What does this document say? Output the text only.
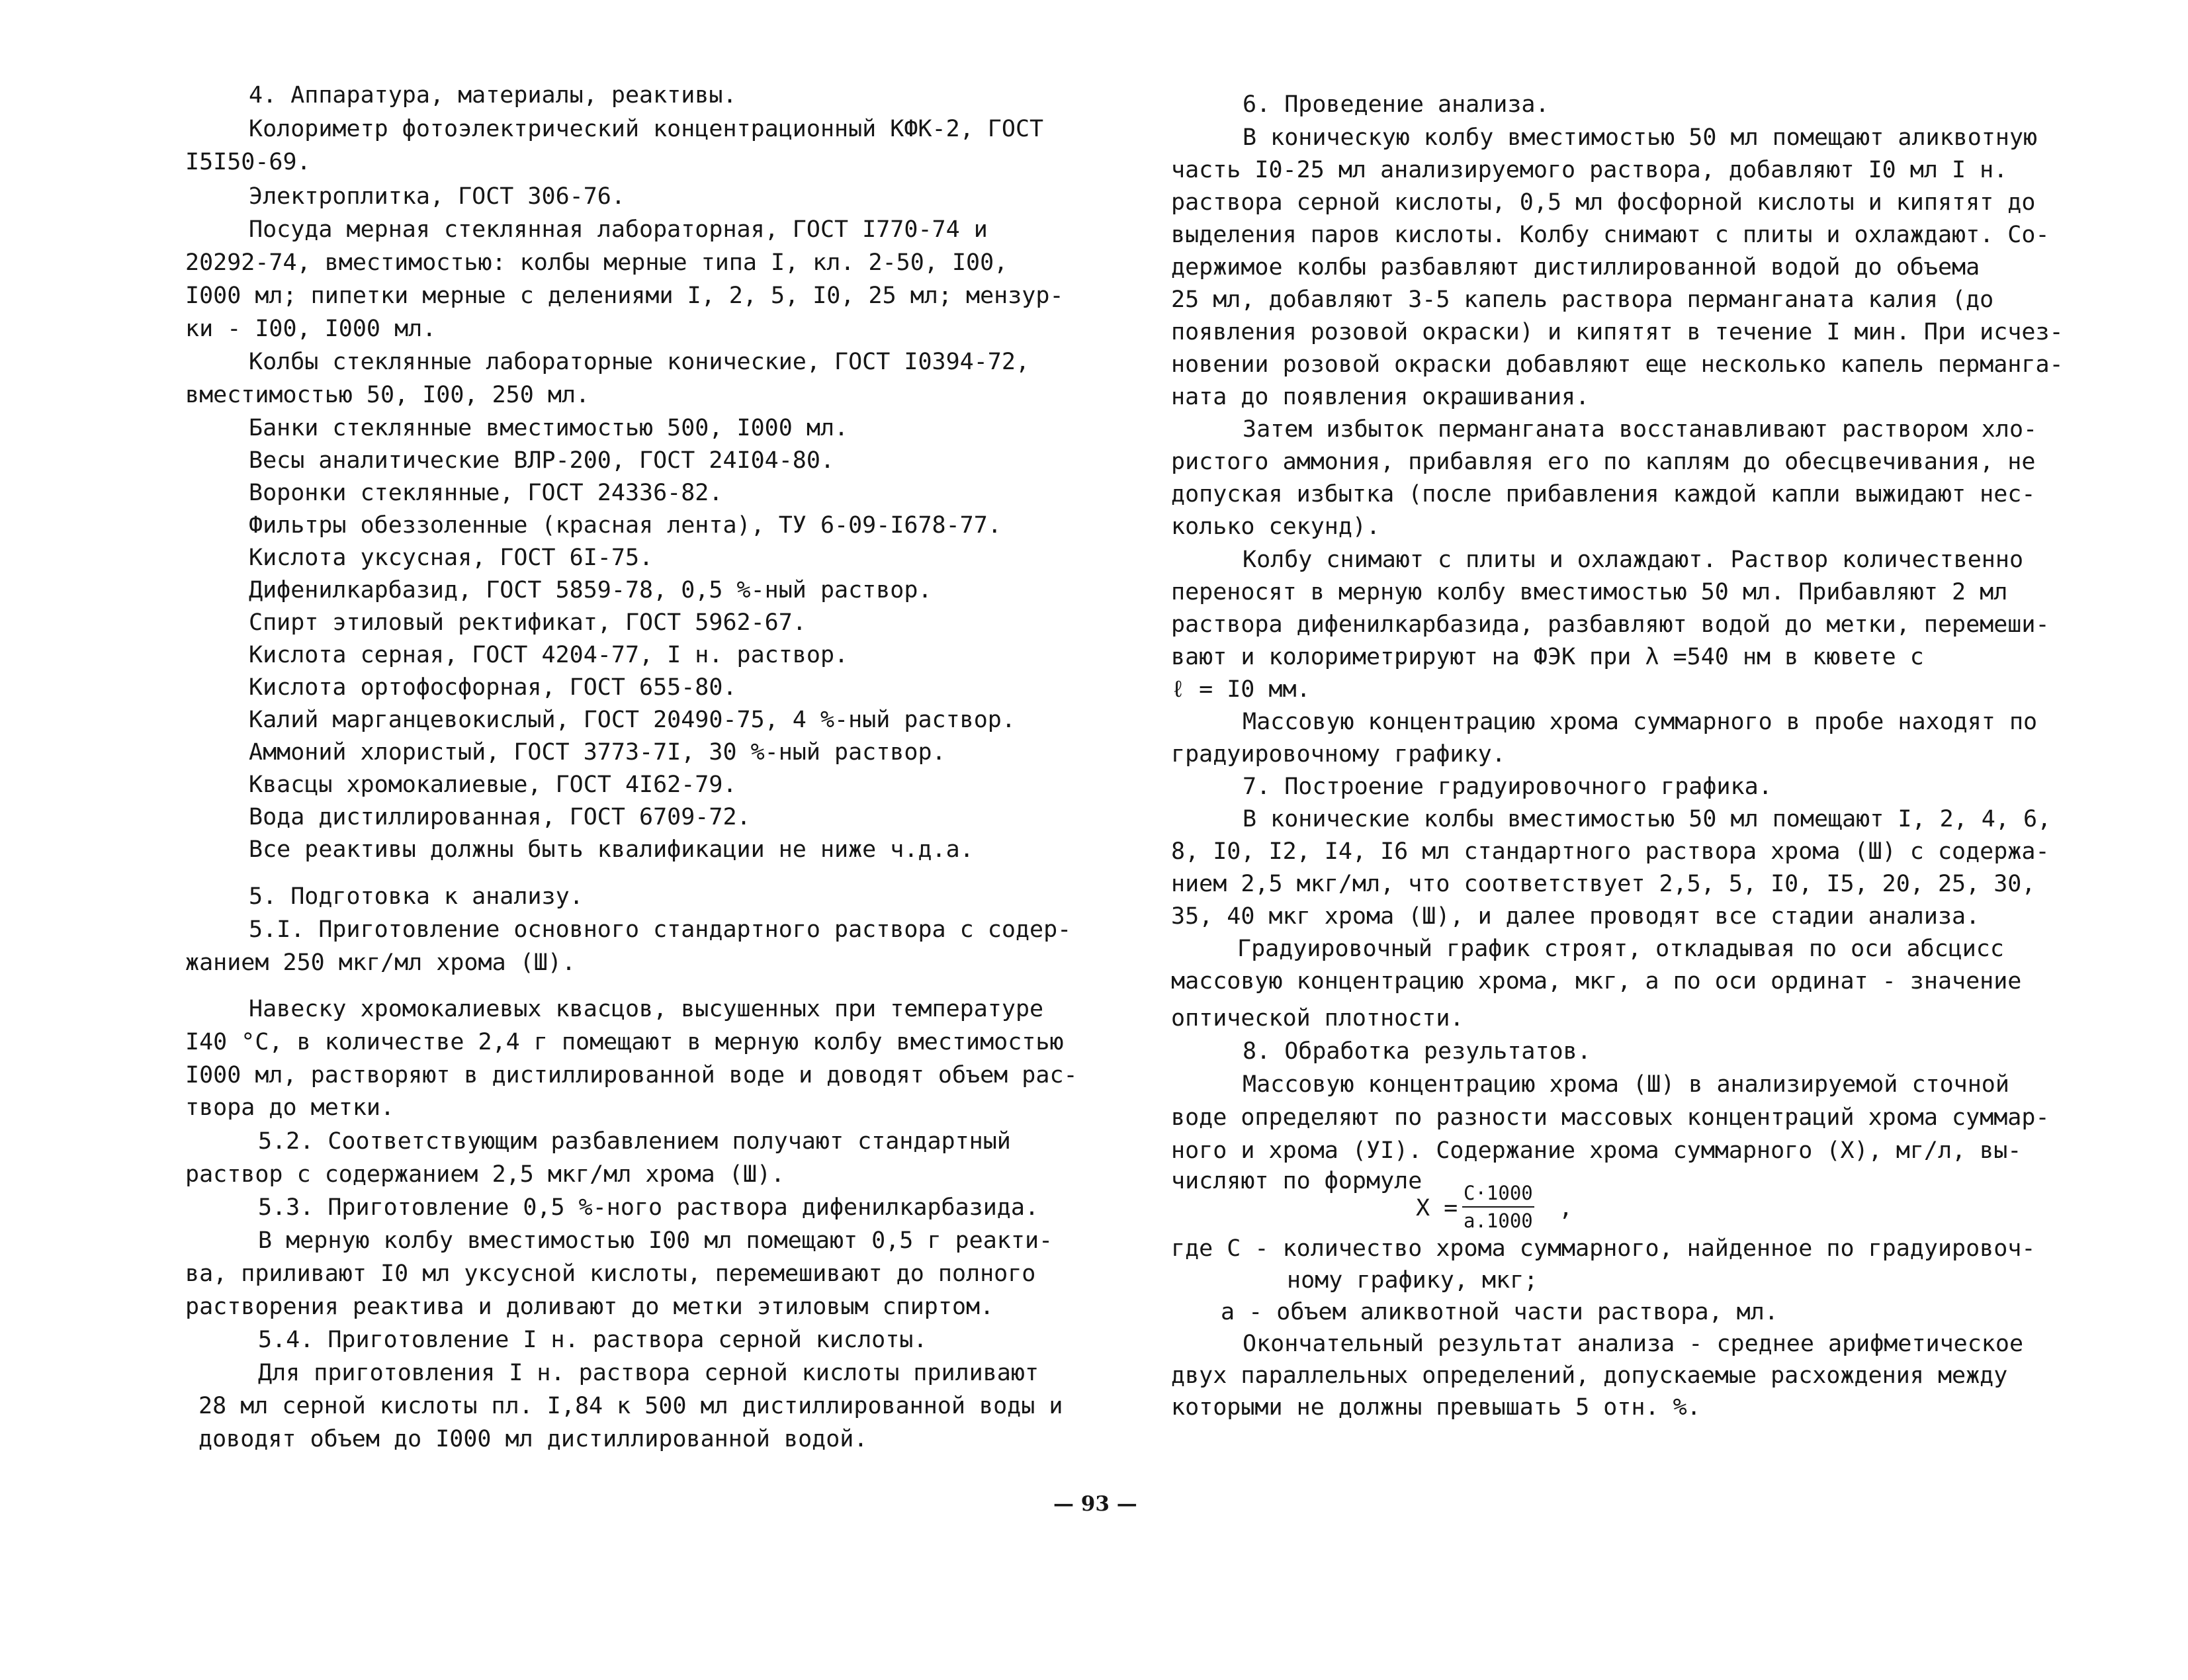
4. Аппаратура, материалы, реактивы.
Колориметр фотоэлектрический концентрационный КФК-2, ГОСТ
I5I50-69.
Электроплитка, ГОСТ 306-76.
Посуда мерная стеклянная лабораторная, ГОСТ I770-74 и
20292-74, вместимостью: колбы мерные типа I, кл. 2-50, I00,
I000 мл; пипетки мерные с делениями I, 2, 5, I0, 25 мл; мензур-
ки - I00, I000 мл.
Колбы стеклянные лабораторные конические, ГОСТ I0394-72,
вместимостью 50, I00, 250 мл.
Банки стеклянные вместимостью 500, I000 мл.
Весы аналитические ВЛР-200, ГОСТ 24I04-80.
Воронки стеклянные, ГОСТ 24336-82.
Фильтры обеззоленные (красная лента), ТУ 6-09-I678-77.
Кислота уксусная, ГОСТ 6I-75.
Дифенилкарбазид, ГОСТ 5859-78, 0,5 %-ный раствор.
Спирт этиловый ректификат, ГОСТ 5962-67.
Кислота серная, ГОСТ 4204-77, I н. раствор.
Кислота ортофосфорная, ГОСТ 655-80.
Калий марганцевокислый, ГОСТ 20490-75, 4 %-ный раствор.
Аммоний хлористый, ГОСТ 3773-7I, 30 %-ный раствор.
Квасцы хромокалиевые, ГОСТ 4I62-79.
Вода дистиллированная, ГОСТ 6709-72.
Все реактивы должны быть квалификации не ниже ч.д.а.
5. Подготовка к анализу.
5.I. Приготовление основного стандартного раствора с содер-
жанием 250 мкг/мл хрома (Ш).
Навеску хромокалиевых квасцов, высушенных при температуре
I40 °С, в количестве 2,4 г помещают в мерную колбу вместимостью
I000 мл, растворяют в дистиллированной воде и доводят объем рас-
твора до метки.
5.2. Соответствующим разбавлением получают стандартный
раствор с содержанием 2,5 мкг/мл хрома (Ш).
5.3. Приготовление 0,5 %-ного раствора дифенилкарбазида.
В мерную колбу вместимостью I00 мл помещают 0,5 г реакти-
ва, приливают I0 мл уксусной кислоты, перемешивают до полного
растворения реактива и доливают до метки этиловым спиртом.
5.4. Приготовление I н. раствора серной кислоты.
Для приготовления I н. раствора серной кислоты приливают
28 мл серной кислоты пл. I,84 к 500 мл дистиллированной воды и
доводят объем до I000 мл дистиллированной водой.
6. Проведение анализа.
В коническую колбу вместимостью 50 мл помещают аликвотную
часть I0-25 мл анализируемого раствора, добавляют I0 мл I н.
раствора серной кислоты, 0,5 мл фосфорной кислоты и кипятят до
выделения паров кислоты. Колбу снимают с плиты и охлаждают. Со-
держимое колбы разбавляют дистиллированной водой до объема
25 мл, добавляют 3-5 капель раствора перманганата калия (до
появления розовой окраски) и кипятят в течение I мин. При исчез-
новении розовой окраски добавляют еще несколько капель перманга-
ната до появления окрашивания.
Затем избыток перманганата восстанавливают раствором хло-
ристого аммония, прибавляя его по каплям до обесцвечивания, не
допуская избытка (после прибавления каждой капли выжидают нес-
колько секунд).
Колбу снимают с плиты и охлаждают. Раствор количественно
переносят в мерную колбу вместимостью 50 мл. Прибавляют 2 мл
раствора дифенилкарбазида, разбавляют водой до метки, перемеши-
вают и колориметрируют на ФЭК при λ =540 нм в кювете с
ℓ = I0 мм.
Массовую концентрацию хрома суммарного в пробе находят по
градуировочному графику.
7. Построение градуировочного графика.
В конические колбы вместимостью 50 мл помещают I, 2, 4, 6,
8, I0, I2, I4, I6 мл стандартного раствора хрома (Ш) с содержа-
нием 2,5 мкг/мл, что соответствует 2,5, 5, I0, I5, 20, 25, 30,
35, 40 мкг хрома (Ш), и далее проводят все стадии анализа.
Градуировочный график строят, откладывая по оси абсцисс
массовую концентрацию хрома, мкг, а по оси ординат - значение
оптической плотности.
8. Обработка результатов.
Массовую концентрацию хрома (Ш) в анализируемой сточной
воде определяют по разности массовых концентраций хрома суммар-
ного и хрома (УI). Содержание хрома суммарного (Х), мг/л, вы-
числяют по формуле
где С - количество хрома суммарного, найденное по градуировоч-
ному графику, мкг;
а - объем аликвотной части раствора, мл.
Окончательный результат анализа - среднее арифметическое
двух параллельных определений, допускаемые расхождения между
которыми не должны превышать 5 отн. %.
Х =
С·1000
а.1000 ,
— 93 —
